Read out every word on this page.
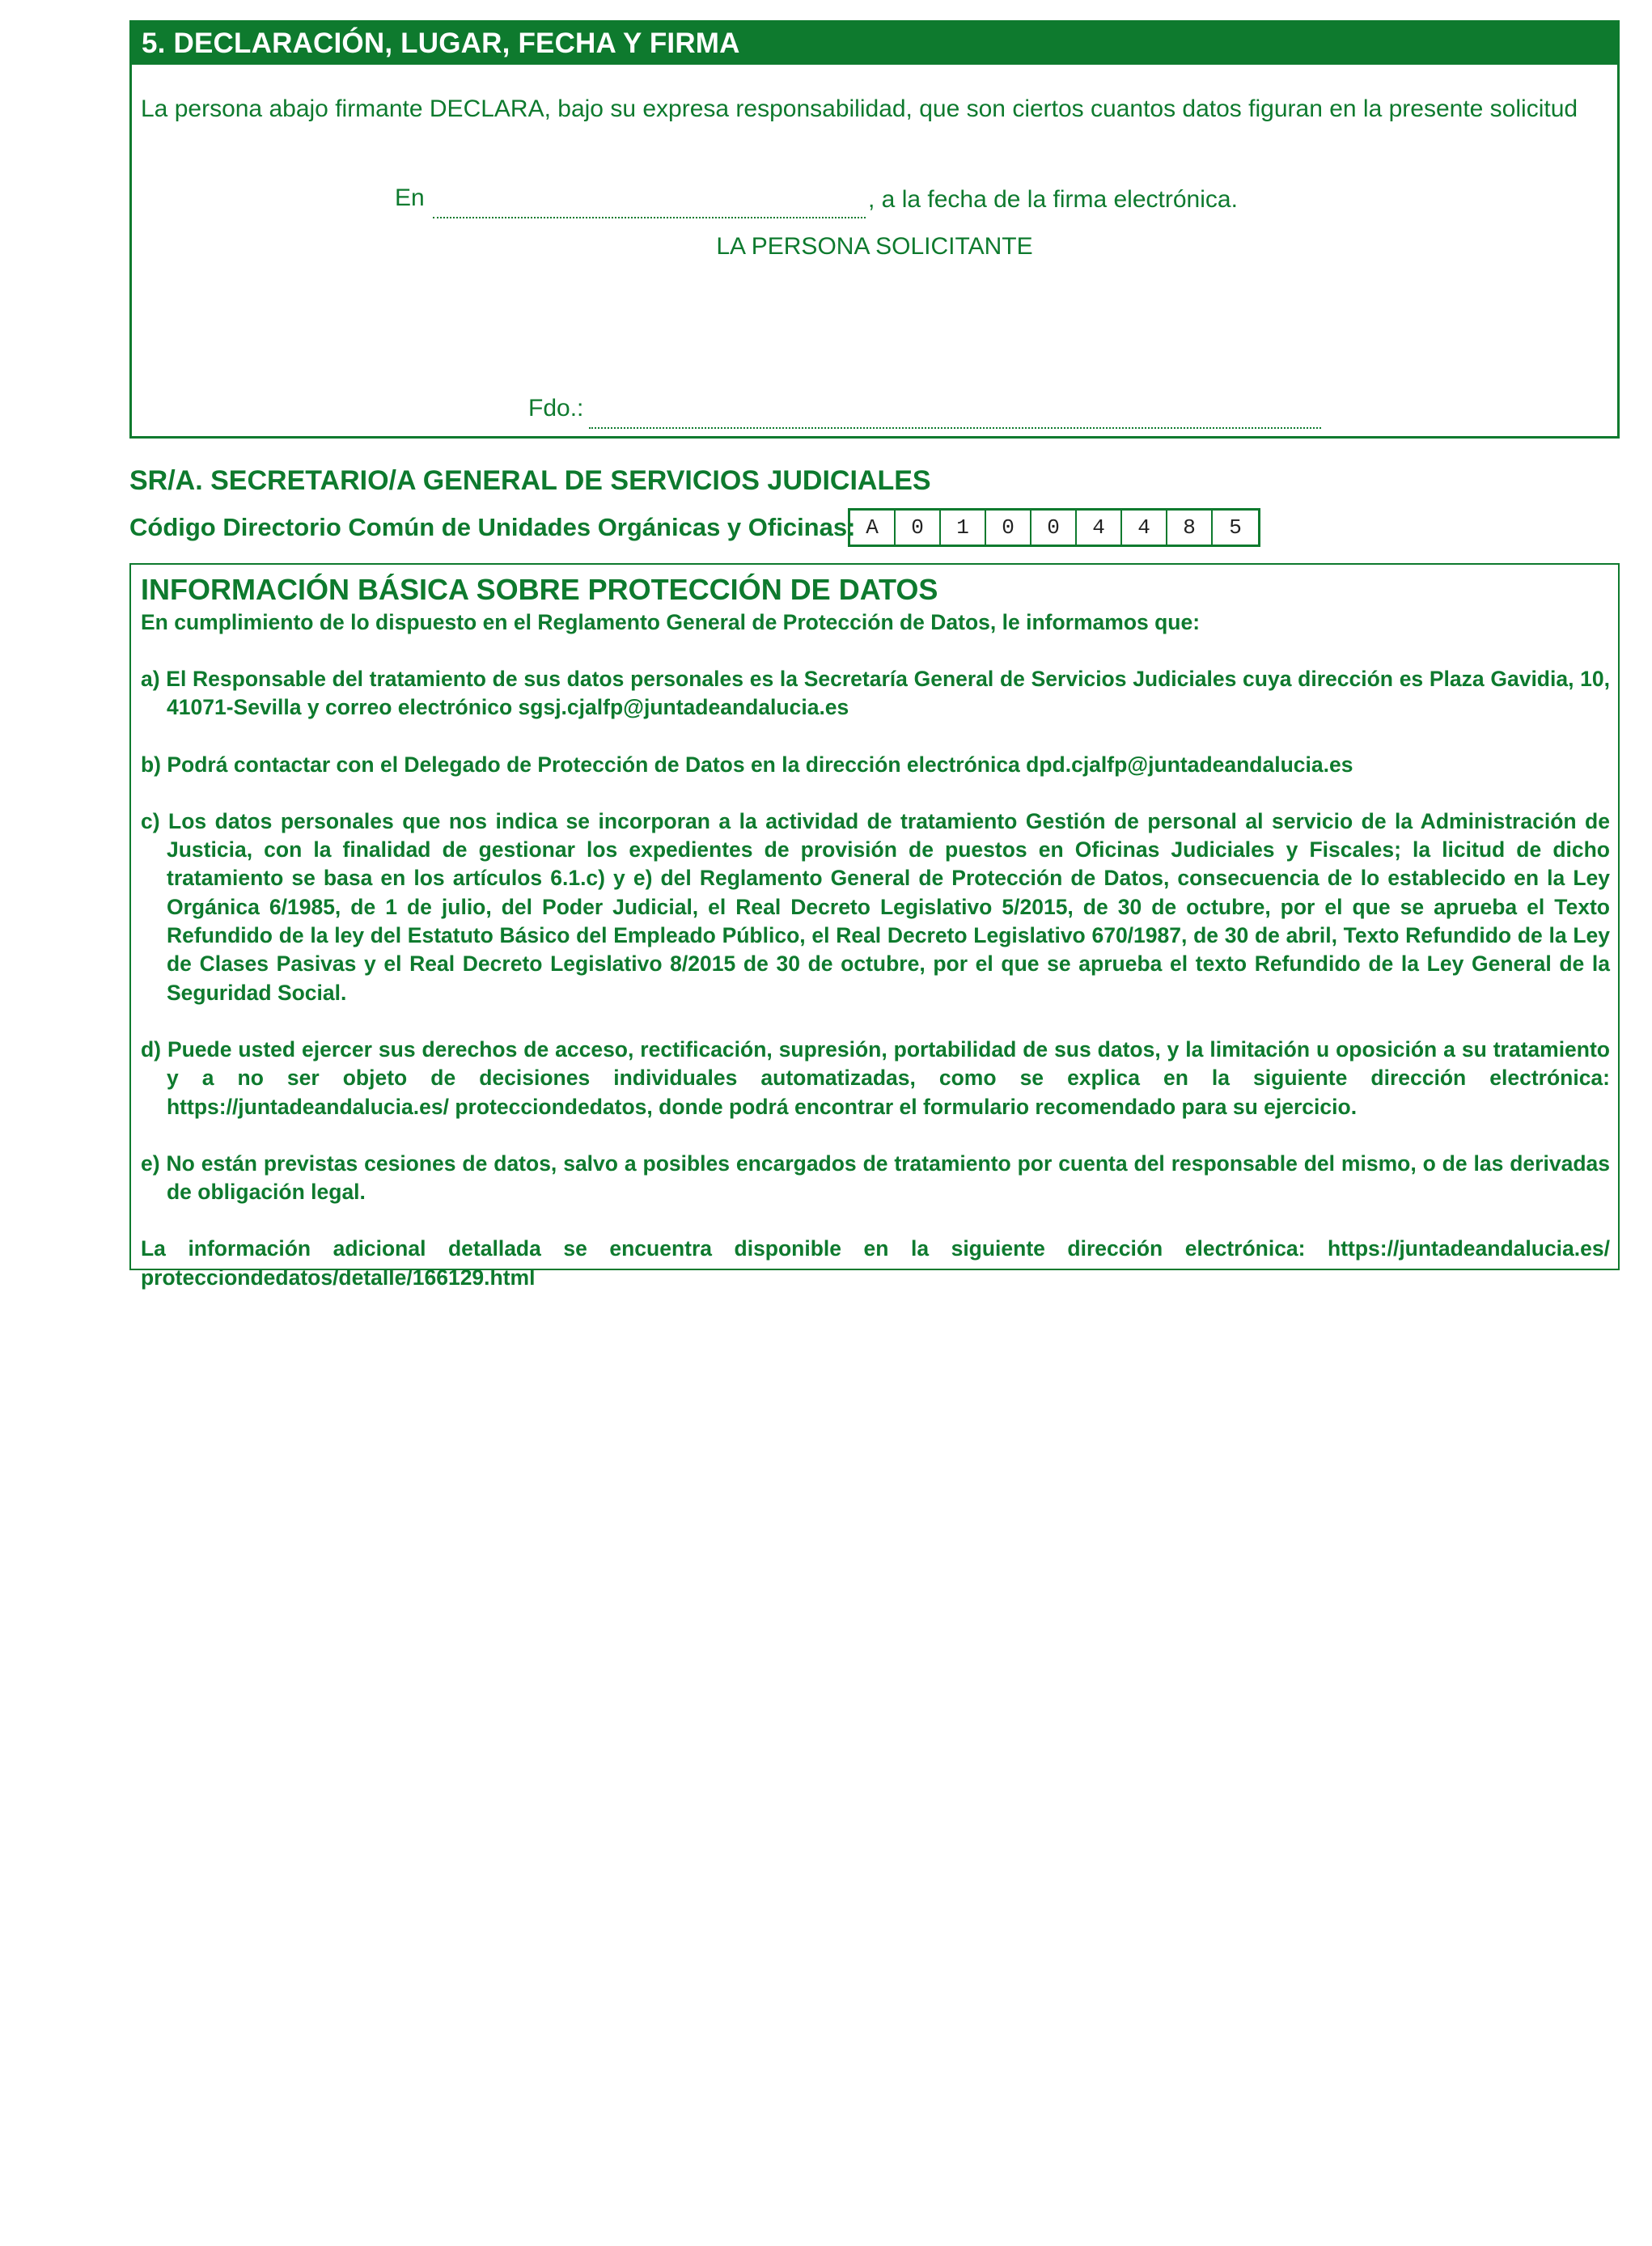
5. DECLARACIÓN, LUGAR, FECHA Y FIRMA
La persona abajo firmante DECLARA, bajo su expresa responsabilidad, que son ciertos cuantos datos figuran en la presente solicitud
En	, a la fecha de la firma electrónica.
LA PERSONA SOLICITANTE
Fdo.:
SR/A. SECRETARIO/A GENERAL DE SERVICIOS JUDICIALES
Código Directorio Común de Unidades Orgánicas y Oficinas: A	0	1	0	0	4	4	8	5
INFORMACIÓN BÁSICA SOBRE PROTECCIÓN DE DATOS
En cumplimiento de lo dispuesto en el Reglamento General de Protección de Datos, le informamos que:
a) El Responsable del tratamiento de sus datos personales es la Secretaría General de Servicios Judiciales cuya dirección es Plaza Gavidia, 10, 41071-Sevilla y correo electrónico sgsj.cjalfp@juntadeandalucia.es
b) Podrá contactar con el Delegado de Protección de Datos en la dirección electrónica dpd.cjalfp@juntadeandalucia.es
c) Los datos personales que nos indica se incorporan a la actividad de tratamiento Gestión de personal al servicio de la Administración de Justicia, con la finalidad de gestionar los expedientes de provisión de puestos en Oficinas Judiciales y Fiscales; la licitud de dicho tratamiento se basa en los artículos 6.1.c) y e) del Reglamento General de Protección de Datos, consecuencia de lo establecido en la Ley Orgánica 6/1985, de 1 de julio, del Poder Judicial, el Real Decreto Legislativo 5/2015, de 30 de octubre, por el que se aprueba el Texto Refundido de la ley del Estatuto Básico del Empleado Público, el Real Decreto Legislativo 670/1987, de 30 de abril, Texto Refundido de la Ley de Clases Pasivas y el Real Decreto Legislativo 8/2015 de 30 de octubre, por el que se aprueba el texto Refundido de la Ley General de la Seguridad Social.
d) Puede usted ejercer sus derechos de acceso, rectificación, supresión, portabilidad de sus datos, y la limitación u oposición a su tratamiento y a no ser objeto de decisiones individuales automatizadas, como se explica en la siguiente dirección electrónica: https://juntadeandalucia.es/ protecciondedatos, donde podrá encontrar el formulario recomendado para su ejercicio.
e) No están previstas cesiones de datos, salvo a posibles encargados de tratamiento por cuenta del responsable del mismo, o de las derivadas de obligación legal.
La información adicional detallada se encuentra disponible en la siguiente dirección electrónica: https://juntadeandalucia.es/ protecciondedatos/detalle/166129.html
